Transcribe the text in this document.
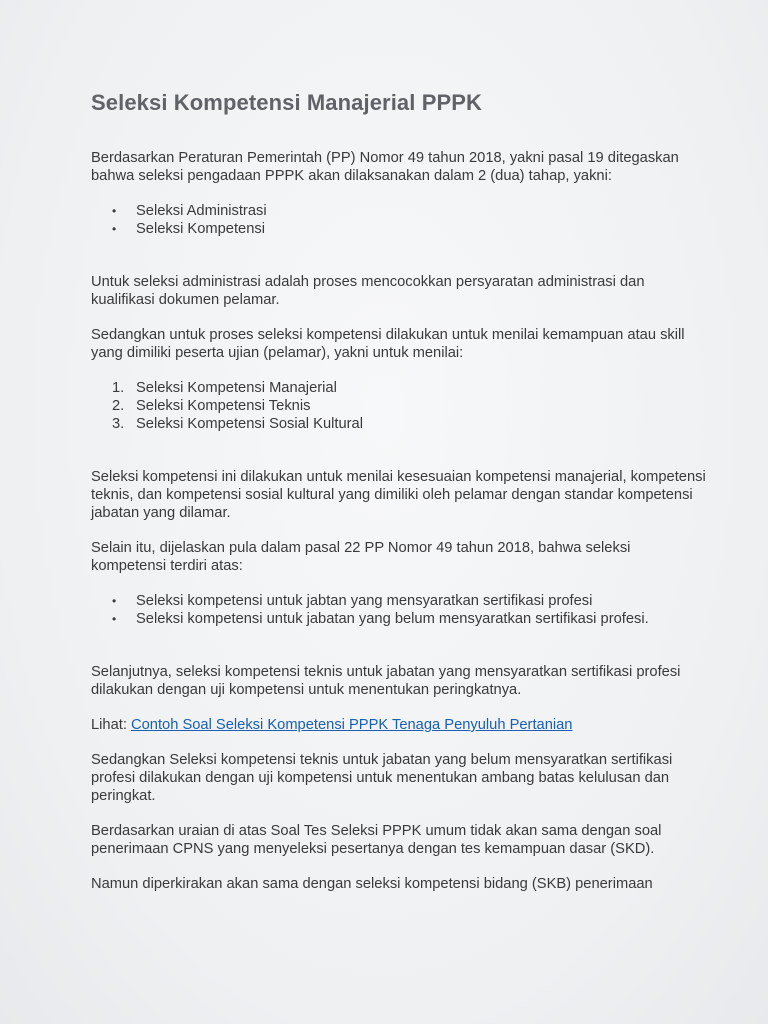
Seleksi Kompetensi Manajerial PPPK

Berdasarkan Peraturan Pemerintah (PP) Nomor 49 tahun 2018, yakni pasal 19 ditegaskan bahwa seleksi pengadaan PPPK akan dilaksanakan dalam 2 (dua) tahap, yakni:

• Seleksi Administrasi
• Seleksi Kompetensi

Untuk seleksi administrasi adalah proses mencocokkan persyaratan administrasi dan kualifikasi dokumen pelamar.

Sedangkan untuk proses seleksi kompetensi dilakukan untuk menilai kemampuan atau skill yang dimiliki peserta ujian (pelamar), yakni untuk menilai:

1. Seleksi Kompetensi Manajerial
2. Seleksi Kompetensi Teknis
3. Seleksi Kompetensi Sosial Kultural

Seleksi kompetensi ini dilakukan untuk menilai kesesuaian kompetensi manajerial, kompetensi teknis, dan kompetensi sosial kultural yang dimiliki oleh pelamar dengan standar kompetensi jabatan yang dilamar.

Selain itu, dijelaskan pula dalam pasal 22 PP Nomor 49 tahun 2018, bahwa seleksi kompetensi terdiri atas:

• Seleksi kompetensi untuk jabtan yang mensyaratkan sertifikasi profesi
• Seleksi kompetensi untuk jabatan yang belum mensyaratkan sertifikasi profesi.

Selanjutnya, seleksi kompetensi teknis untuk jabatan yang mensyaratkan sertifikasi profesi dilakukan dengan uji kompetensi untuk menentukan peringkatnya.

Lihat: Contoh Soal Seleksi Kompetensi PPPK Tenaga Penyuluh Pertanian

Sedangkan Seleksi kompetensi teknis untuk jabatan yang belum mensyaratkan sertifikasi profesi dilakukan dengan uji kompetensi untuk menentukan ambang batas kelulusan dan peringkat.

Berdasarkan uraian di atas Soal Tes Seleksi PPPK umum tidak akan sama dengan soal penerimaan CPNS yang menyeleksi pesertanya dengan tes kemampuan dasar (SKD).

Namun diperkirakan akan sama dengan seleksi kompetensi bidang (SKB) penerimaan
